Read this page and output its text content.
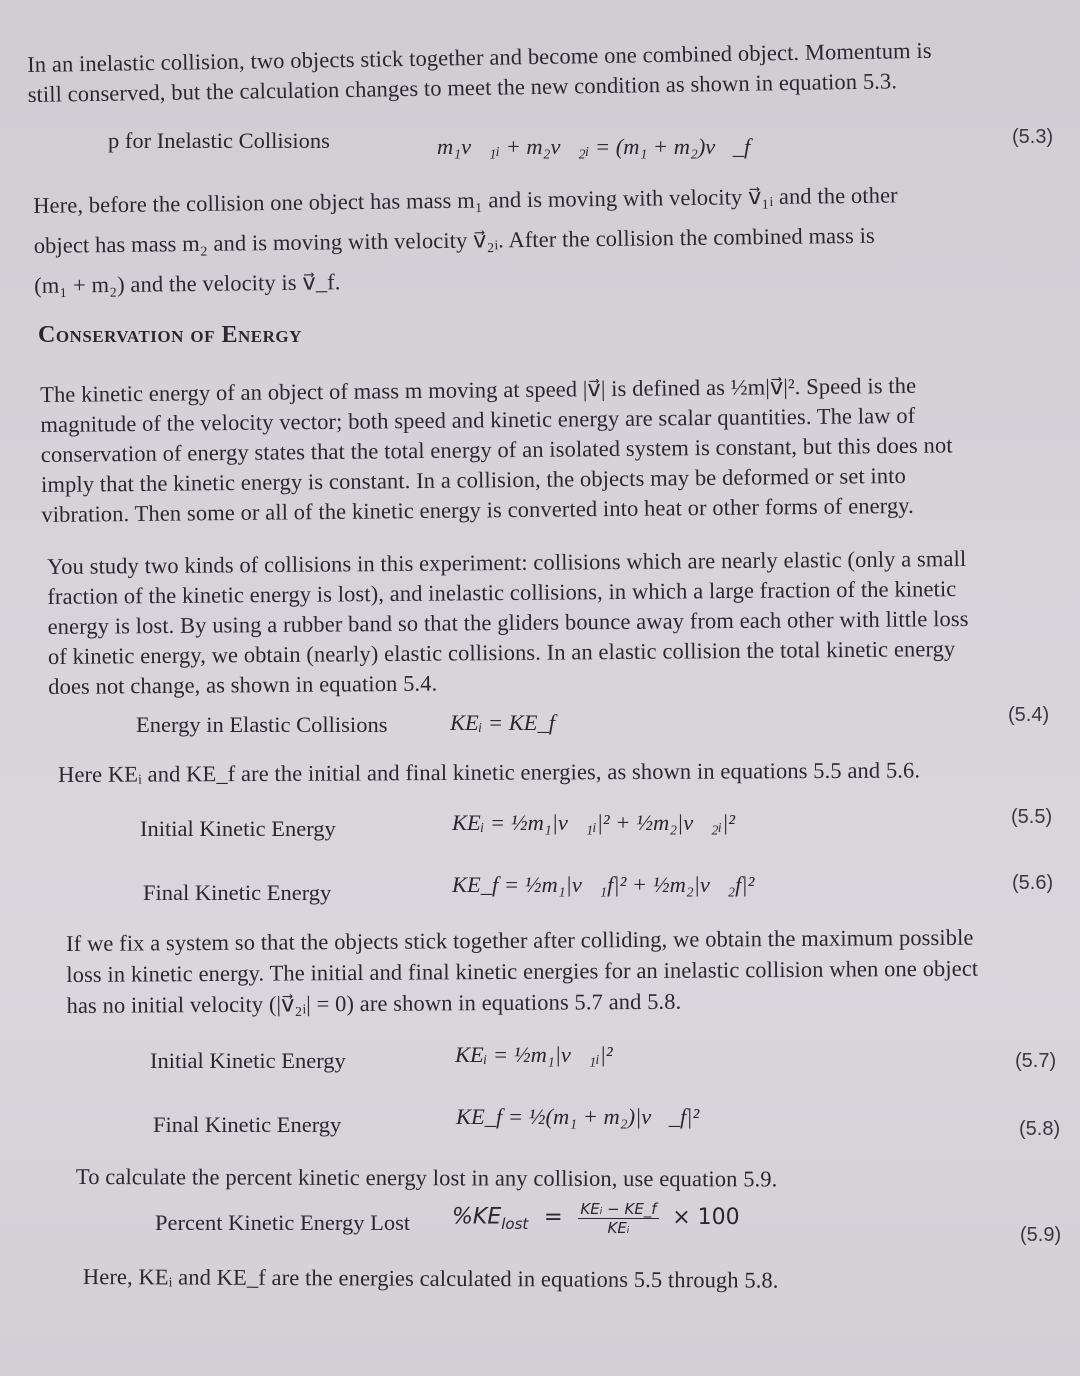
In an inelastic collision, two objects stick together and become one combined object. Momentum is
still conserved, but the calculation changes to meet the new condition as shown in equation 5.3.
p for Inelastic Collisions	m₁v⃗₁ᵢ + m₂v⃗₂ᵢ = (m₁ + m₂)v⃗_f	(5.3)
Here, before the collision one object has mass m₁ and is moving with velocity v⃗₁ᵢ and the other
object has mass m₂ and is moving with velocity v⃗₂ᵢ. After the collision the combined mass is
(m₁ + m₂) and the velocity is v⃗_f.
Conservation of Energy
The kinetic energy of an object of mass m moving at speed |v⃗| is defined as ½m|v⃗|². Speed is the
magnitude of the velocity vector; both speed and kinetic energy are scalar quantities. The law of
conservation of energy states that the total energy of an isolated system is constant, but this does not
imply that the kinetic energy is constant. In a collision, the objects may be deformed or set into
vibration. Then some or all of the kinetic energy is converted into heat or other forms of energy.
You study two kinds of collisions in this experiment: collisions which are nearly elastic (only a small
fraction of the kinetic energy is lost), and inelastic collisions, in which a large fraction of the kinetic
energy is lost. By using a rubber band so that the gliders bounce away from each other with little loss
of kinetic energy, we obtain (nearly) elastic collisions. In an elastic collision the total kinetic energy
does not change, as shown in equation 5.4.
Energy in Elastic Collisions	KEᵢ = KE_f	(5.4)
Here KEᵢ and KE_f are the initial and final kinetic energies, as shown in equations 5.5 and 5.6.
Initial Kinetic Energy	KEᵢ = ½m₁|v⃗₁ᵢ|² + ½m₂|v⃗₂ᵢ|²	(5.5)
Final Kinetic Energy	KE_f = ½m₁|v⃗₁f|² + ½m₂|v⃗₂f|²	(5.6)
If we fix a system so that the objects stick together after colliding, we obtain the maximum possible
loss in kinetic energy. The initial and final kinetic energies for an inelastic collision when one object
has no initial velocity (|v⃗₂ᵢ| = 0) are shown in equations 5.7 and 5.8.
Initial Kinetic Energy	KEᵢ = ½m₁|v⃗₁ᵢ|²	(5.7)
Final Kinetic Energy	KE_f = ½(m₁ + m₂)|v⃗_f|²	(5.8)
To calculate the percent kinetic energy lost in any collision, use equation 5.9.
Percent Kinetic Energy Lost $\%KE_{lost} = \frac{\text{KEᵢ − KE\_f}}{\text{KEᵢ}} \times 100$
(5.9)
Here, KEᵢ and KE_f are the energies calculated in equations 5.5 through 5.8.
